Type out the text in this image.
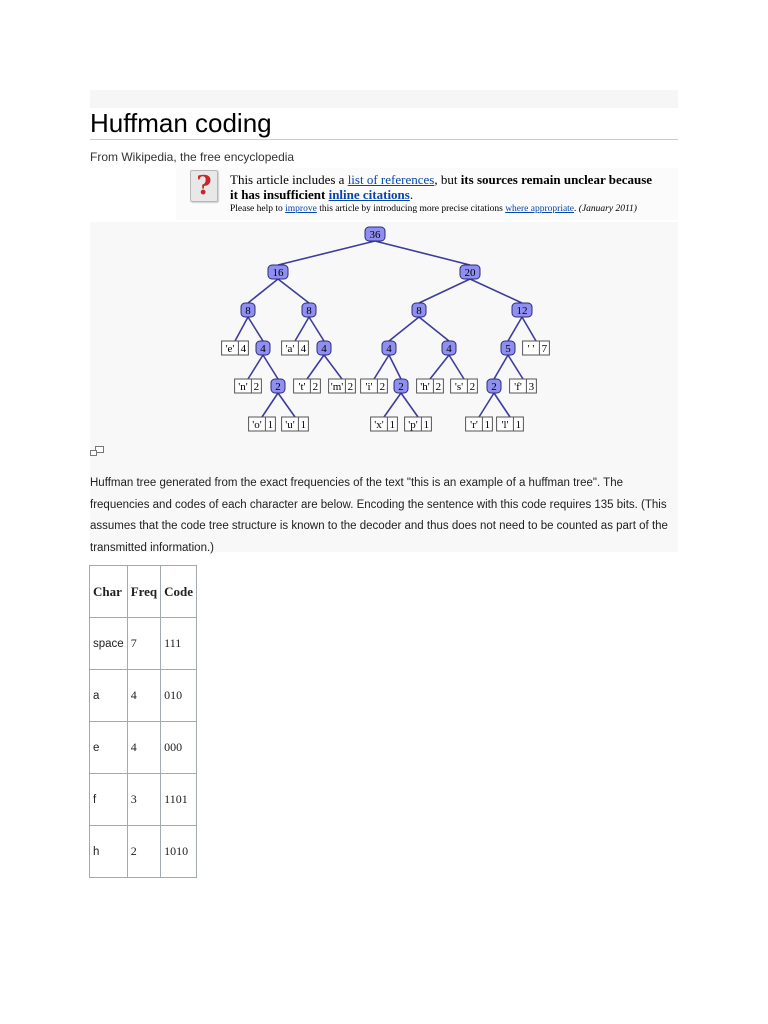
Huffman coding
From Wikipedia, the free encyclopedia
?	This article includes a list of references, but its sources remain unclear because
it has insufficient inline citations.
Please help to improve this article by introducing more precise citations where appropriate. (January 2011)
36
16	20
8	8	8	12
'e' 4 4 'a' 4 4	4	4	5 ' ' 7
'n' 2 2 't' 2 'm' 2 'i' 2 2 'h' 2 's' 2 2 'f' 3
'o' 1 'u' 1	'x' 1 'p' 1	'r' 1 'l' 1
Huffman tree generated from the exact frequencies of the text "this is an example of a huffman tree". The frequencies and codes of each character are below. Encoding the sentence with this code requires 135 bits. (This assumes that the code tree structure is known to the decoder and thus does not need to be counted as part of the transmitted information.)
Char	Freq	Code
space	7	111
a	4	010
e	4	000
f	3	1101
h	2	1010
